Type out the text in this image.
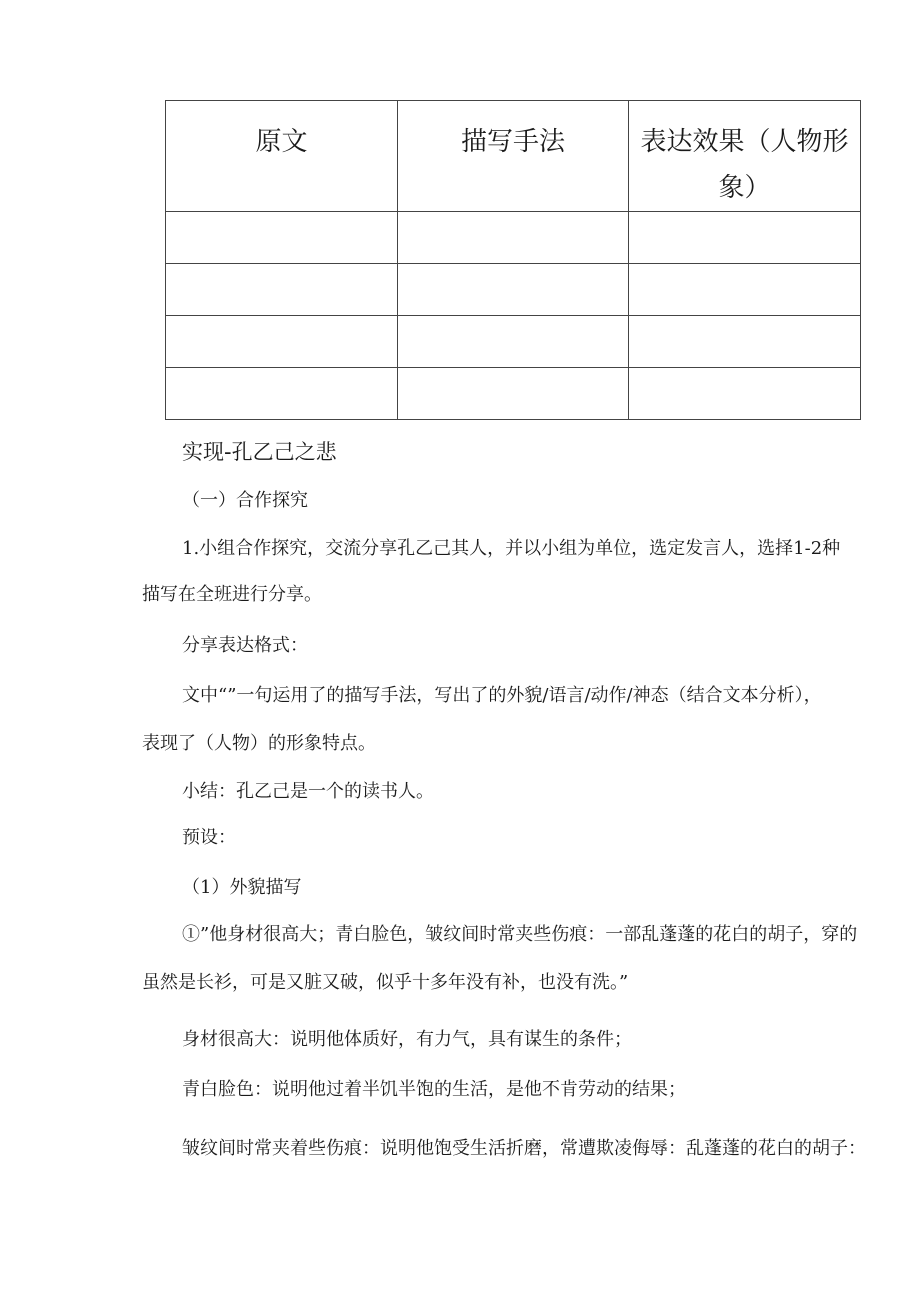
原文	描写手法	表达效果（人物形象）

实现-孔乙己之悲

（一）合作探究

1.小组合作探究，交流分享孔乙己其人，并以小组为单位，选定发言人，选择1-2种

描写在全班进行分享。

分享表达格式：

文中“”一句运用了的描写手法，写出了的外貌/语言/动作/神态（结合文本分析），

表现了（人物）的形象特点。

小结：孔乙己是一个的读书人。

预设：

（1）外貌描写

①”他身材很高大；青白脸色，皱纹间时常夹些伤痕：一部乱蓬蓬的花白的胡子，穿的

虽然是长衫，可是又脏又破，似乎十多年没有补，也没有洗。”

身材很高大：说明他体质好，有力气，具有谋生的条件；

青白脸色：说明他过着半饥半饱的生活，是他不肯劳动的结果；

皱纹间时常夹着些伤痕：说明他饱受生活折磨，常遭欺凌侮辱：乱蓬蓬的花白的胡子：
